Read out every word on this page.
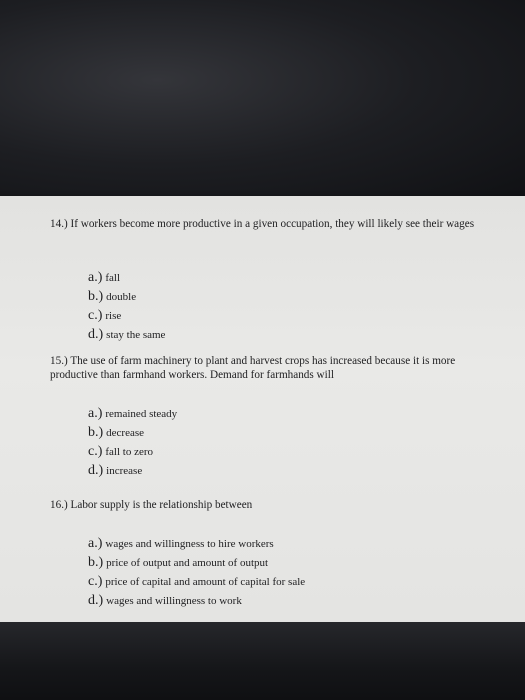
14.) If workers become more productive in a given occupation, they will likely see their wages
a.) fall
b.) double
c.) rise
d.) stay the same
15.) The use of farm machinery to plant and harvest crops has increased because it is more productive than farmhand workers. Demand for farmhands will
a.) remained steady
b.) decrease
c.) fall to zero
d.) increase
16.) Labor supply is the relationship between
a.) wages and willingness to hire workers
b.) price of output and amount of output
c.) price of capital and amount of capital for sale
d.) wages and willingness to work
